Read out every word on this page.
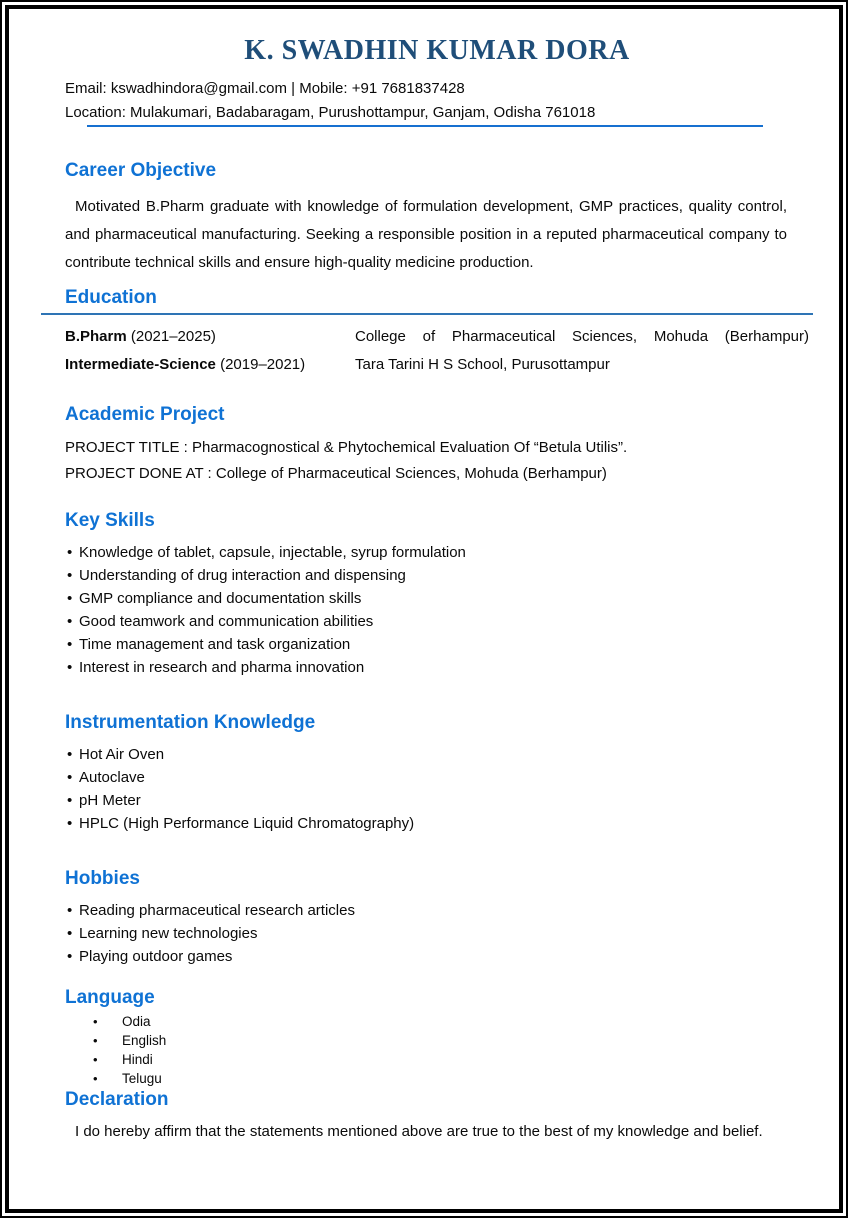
K. SWADHIN KUMAR DORA
Email: kswadhindora@gmail.com | Mobile: +91 7681837428
Location: Mulakumari, Badabaragam, Purushottampur, Ganjam, Odisha 761018
Career Objective
Motivated B.Pharm graduate with knowledge of formulation development, GMP practices, quality control, and pharmaceutical manufacturing. Seeking a responsible position in a reputed pharmaceutical company to contribute technical skills and ensure high-quality medicine production.
Education
B.Pharm (2021–2025)	College of Pharmaceutical Sciences, Mohuda (Berhampur)
Intermediate-Science (2019–2021)	Tara Tarini H S School, Purusottampur
Academic Project
PROJECT TITLE : Pharmacognostical & Phytochemical Evaluation Of “Betula Utilis”.
PROJECT DONE AT : College of Pharmaceutical Sciences, Mohuda (Berhampur)
Key Skills
• Knowledge of tablet, capsule, injectable, syrup formulation
• Understanding of drug interaction and dispensing
• GMP compliance and documentation skills
• Good teamwork and communication abilities
• Time management and task organization
• Interest in research and pharma innovation
Instrumentation Knowledge
• Hot Air Oven
• Autoclave
• pH Meter
• HPLC (High Performance Liquid Chromatography)
Hobbies
• Reading pharmaceutical research articles
• Learning new technologies
• Playing outdoor games
Language
• Odia
• English
• Hindi
• Telugu
Declaration
I do hereby affirm that the statements mentioned above are true to the best of my knowledge and belief.
